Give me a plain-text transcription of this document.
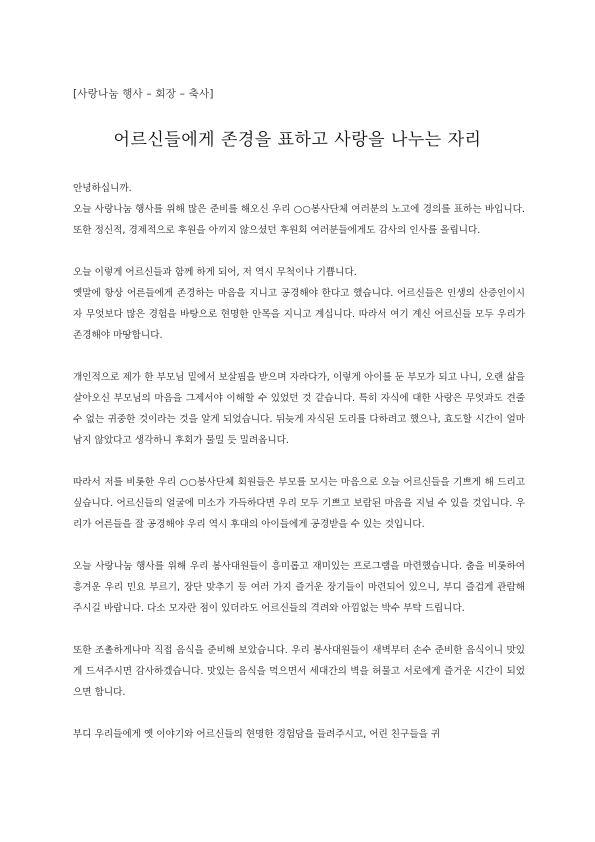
[사랑나눔 행사 – 회장 – 축사]
어르신들에게 존경을 표하고 사랑을 나누는 자리

안녕하십니까.

오늘 사랑나눔 행사를 위해 많은 준비를 해오신 우리 ○○봉사단체 여러분의 노고에 경의를 표하는 바입니다. 또한 정신적, 경제적으로 후원을 아끼지 않으셨던 후원회 여러분들에게도 감사의 인사를 올립니다.

오늘 이렇게 어르신들과 함께 하게 되어, 저 역시 무척이나 기쁩니다.

옛말에 항상 어른들에게 존경하는 마음을 지니고 공경해야 한다고 했습니다. 어르신들은 인생의 산증인이시자 무엇보다 많은 경험을 바탕으로 현명한 안목을 지니고 계십니다. 따라서 여기 계신 어르신들 모두 우리가 존경해야 마땅합니다.

개인적으로 제가 한 부모님 밑에서 보살핌을 받으며 자라다가, 이렇게 아이를 둔 부모가 되고 나니, 오랜 삶을 살아오신 부모님의 마음을 그제서야 이해할 수 있었던 것 같습니다. 특히 자식에 대한 사랑은 무엇과도 견줄 수 없는 귀중한 것이라는 것을 알게 되었습니다. 뒤늦게 자식된 도리를 다하려고 했으나, 효도할 시간이 얼마 남지 않았다고 생각하니 후회가 물밀 듯 밀려옵니다.

따라서 저를 비롯한 우리 ○○봉사단체 회원들은 부모를 모시는 마음으로 오늘 어르신들을 기쁘게 해 드리고 싶습니다. 어르신들의 얼굴에 미소가 가득하다면 우리 모두 기쁘고 보람된 마음을 지닐 수 있을 것입니다. 우리가 어른들을 잘 공경해야 우리 역시 후대의 아이들에게 공경받을 수 있는 것입니다.

오늘 사랑나눔 행사를 위해 우리 봉사대원들이 흥미롭고 재미있는 프로그램을 마련했습니다. 춤을 비롯하여 흥겨운 우리 민요 부르기, 장단 맞추기 등 여러 가지 즐거운 장기들이 마련되어 있으니, 부디 즐겁게 관람해 주시길 바랍니다. 다소 모자란 점이 있더라도 어르신들의 격려와 아낌없는 박수 부탁 드립니다.

또한 조촐하게나마 직접 음식을 준비해 보았습니다. 우리 봉사대원들이 새벽부터 손수 준비한 음식이니 맛있게 드셔주시면 감사하겠습니다. 맛있는 음식을 먹으면서 세대간의 벽을 허물고 서로에게 즐거운 시간이 되었으면 합니다.

부디 우리들에게 옛 이야기와 어르신들의 현명한 경험담을 들려주시고, 어린 친구들을 귀
